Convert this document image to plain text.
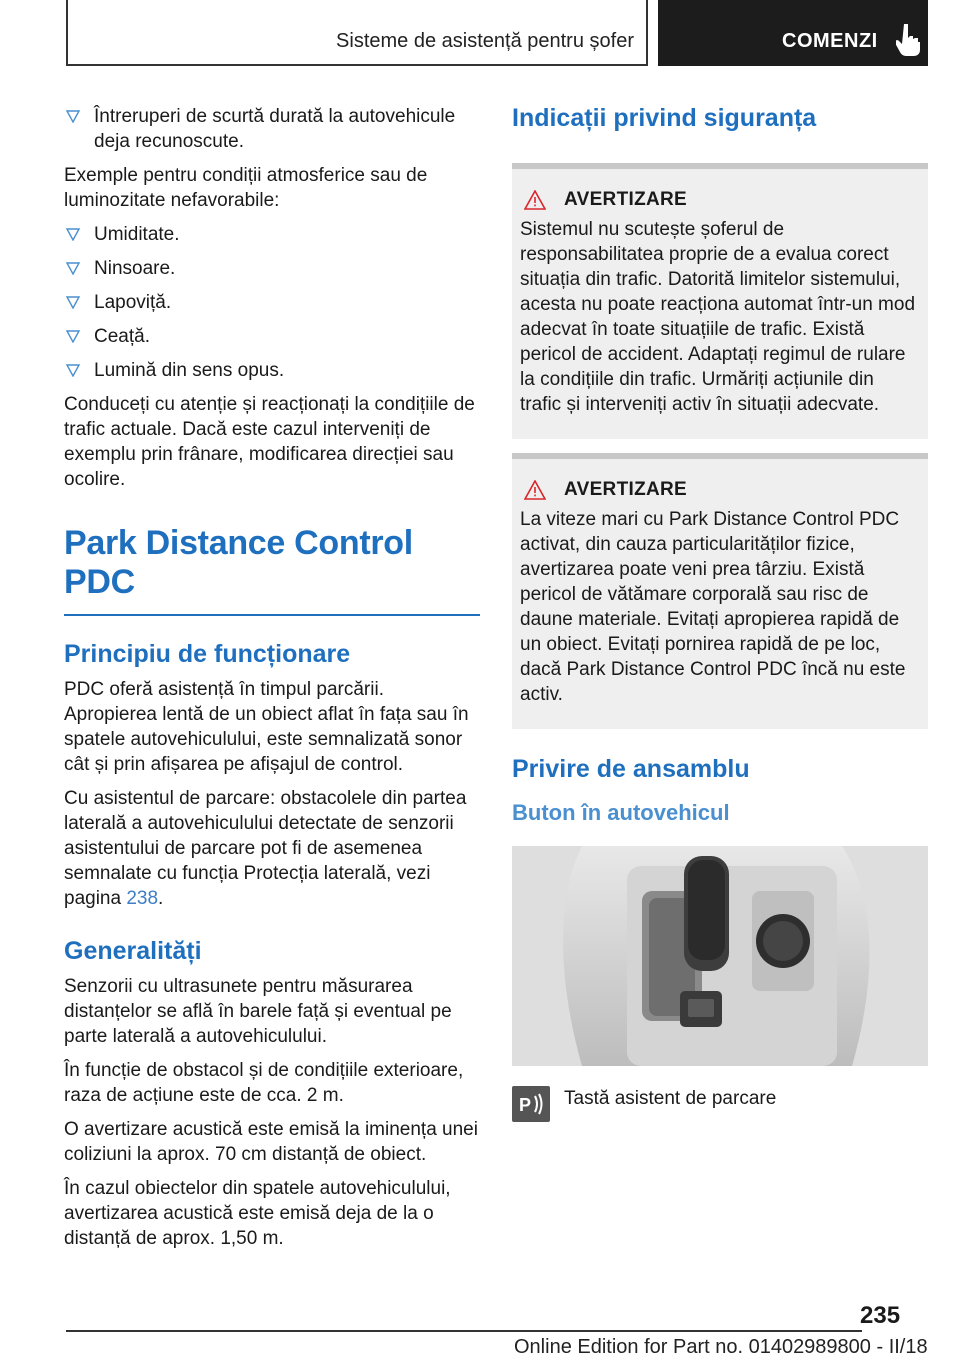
Sisteme de asistență pentru șofer	COMENZI
Întreruperi de scurtă durată la autovehicule deja recunoscute.

Exemple pentru condiții atmosferice sau de luminozitate nefavorabile:

Umiditate.
Ninsoare.
Lapoviță.
Ceață.
Lumină din sens opus.

Conduceți cu atenție și reacționați la condițiile de trafic actuale. Dacă este cazul interveniți de exemplu prin frânare, modificarea direcției sau ocolire.

Park Distance Control PDC
Principiu de funcționare

PDC oferă asistență în timpul parcării. Apropierea lentă de un obiect aflat în fața sau în spatele autovehiculului, este semnalizată sonor cât și prin afișarea pe afișajul de control.

Cu asistentul de parcare: obstacolele din partea laterală a autovehiculului detectate de senzorii asistentului de parcare pot fi de asemenea semnalate cu funcția Protecția laterală, vezi pagina 238.

Generalități

Senzorii cu ultrasunete pentru măsurarea distanțelor se află în barele față și eventual pe parte laterală a autovehiculului.

În funcție de obstacol și de condițiile exterioare, raza de acțiune este de cca. 2 m.

O avertizare acustică este emisă la iminența unei coliziuni la aprox. 70 cm distanță de obiect.

În cazul obiectelor din spatele autovehiculului, avertizarea acustică este emisă deja de la o distanță de aprox. 1,50 m.

Indicații privind siguranța
AVERTIZARE
Sistemul nu scutește șoferul de responsabilitatea proprie de a evalua corect situația din trafic. Datorită limitelor sistemului, acesta nu poate reacționa automat într-un mod adecvat în toate situațiile de trafic. Există pericol de accident. Adaptați regimul de rulare la condițiile din trafic. Urmăriți acțiunile din trafic și interveniți activ în situații adecvate.
AVERTIZARE
La viteze mari cu Park Distance Control PDC activat, din cauza particularităților fizice, avertizarea poate veni prea târziu. Există pericol de vătămare corporală sau risc de daune materiale. Evitați apropierea rapidă de un obiect. Evitați pornirea rapidă de pe loc, dacă Park Distance Control PDC încă nu este activ.
Privire de ansamblu
Buton în autovehicul
P Tastă asistent de parcare
235
Online Edition for Part no. 01402989800 - II/18
